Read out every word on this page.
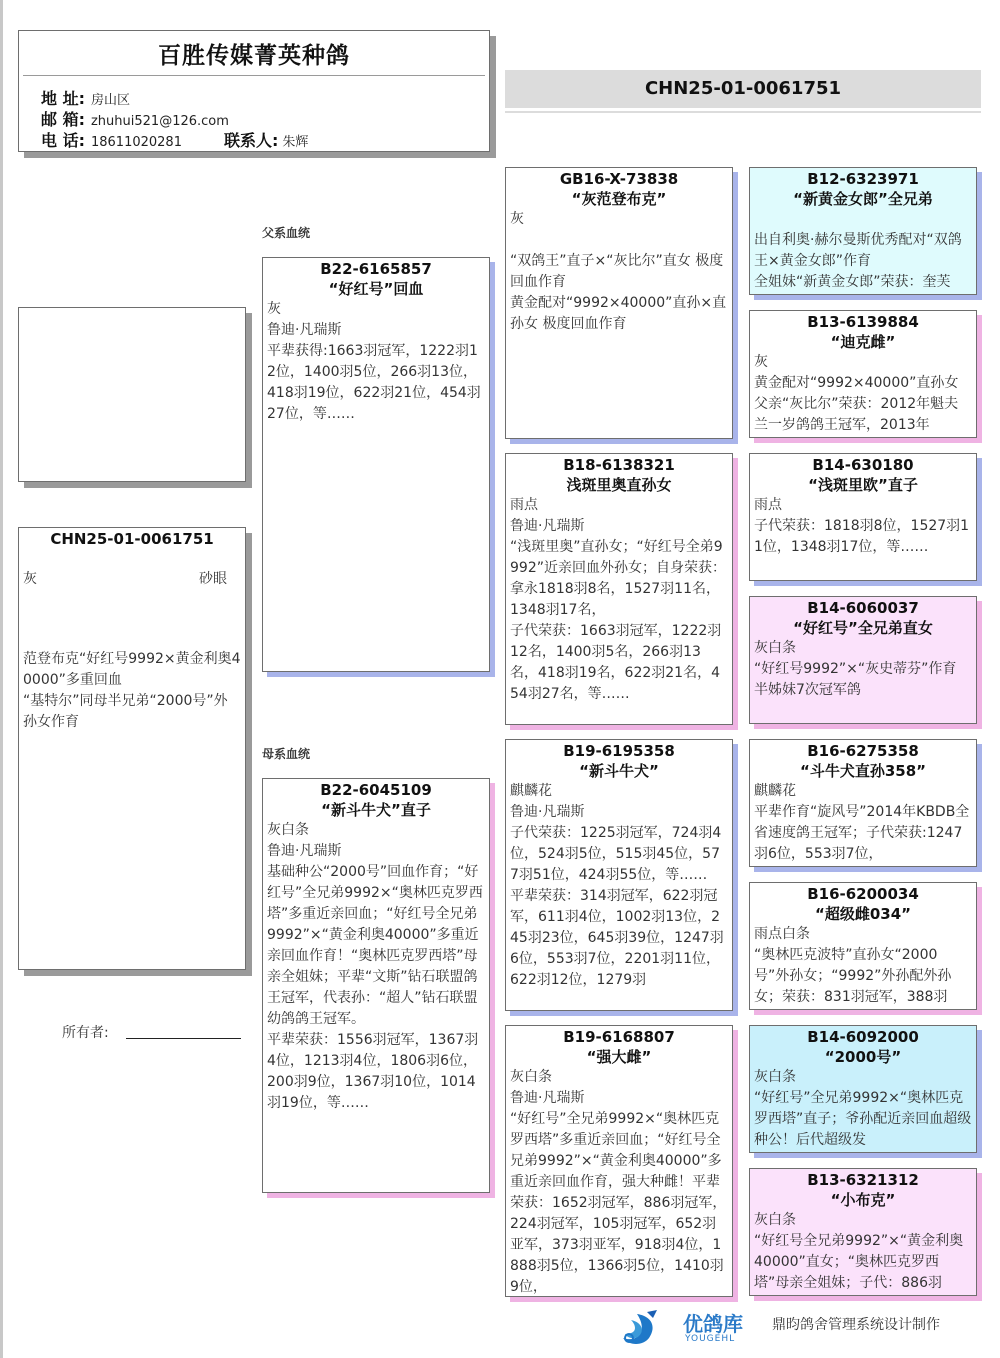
百胜传媒菁英种鸽
地 址: 房山区
邮 箱: zhuhui521@126.com
电 话: 18611020281	联系人: 朱辉
CHN25-01-0061751
CHN25-01-0061751
灰	砂眼
范登布克“好红号9992×黄金利奥40000”多重回血
“基特尔”同母半兄弟“2000号”外孙女作育
所有者:
父系血统
母系血统
B22-6165857
“好红号”回血
灰
鲁迪·凡瑞斯
平辈获得:1663羽冠军，1222羽12位，1400羽5位，266羽13位，418羽19位，622羽21位，454羽27位，等……
B22-6045109
“新斗牛犬”直子
灰白条
鲁迪·凡瑞斯
基础种公“2000号”回血作育；“好红号”全兄弟9992×“奥林匹克罗西塔”多重近亲回血；“好红号全兄弟9992”×“黄金利奥40000”多重近亲回血作育！“奥林匹克罗西塔”母亲全姐妹；平辈“文斯”钻石联盟鸽王冠军，代表孙：“超人”钻石联盟幼鸽鸽王冠军。
平辈荣获：1556羽冠军，1367羽4位，1213羽4位，1806羽6位，200羽9位，1367羽10位，1014羽19位，等……
GB16-X-73838
“灰范登布克”
灰
“双鸽王”直子×“灰比尔”直女 极度回血作育
黄金配对“9992×40000”直孙×直孙女 极度回血作育
B18-6138321
浅斑里奥直孙女
雨点
鲁迪·凡瑞斯
“浅斑里奥”直孙女；“好红号全弟9992”近亲回血外孙女；自身荣获：拿永1818羽8名，1527羽11名，1348羽17名，
子代荣获：1663羽冠军，1222羽12名，1400羽5名，266羽13名，418羽19名，622羽21名，454羽27名，等……
B19-6195358
“新斗牛犬”
麒麟花
鲁迪·凡瑞斯
子代荣获：1225羽冠军，724羽4位，524羽5位，515羽45位，577羽51位，424羽55位，等……
平辈荣获：314羽冠军，622羽冠军，611羽4位，1002羽13位，245羽23位，645羽39位，1247羽6位，553羽7位，2201羽11位，622羽12位，1279羽
B19-6168807
“强大雌”
灰白条
鲁迪·凡瑞斯
“好红号”全兄弟9992×“奥林匹克罗西塔”多重近亲回血；“好红号全兄弟9992”×“黄金利奥40000”多重近亲回血作育，强大种雌！平辈荣获：1652羽冠军，886羽冠军，224羽冠军，105羽冠军，652羽亚军，373羽亚军，918羽4位，1888羽5位，1366羽5位，1410羽9位，
B12-6323971
“新黄金女郎”全兄弟
出自利奥·赫尔曼斯优秀配对“双鸽王×黄金女郎”作育
全姐妹“新黄金女郎”荣获：奎芙
B13-6139884
“迪克雌”
灰
黄金配对“9992×40000”直孙女
父亲“灰比尔”荣获：2012年魁夫兰一岁鸽鸽王冠军，2013年
B14-630180
“浅斑里欧”直子
雨点
子代荣获：1818羽8位，1527羽11位，1348羽17位，等……
B14-6060037
“好红号”全兄弟直女
灰白条
“好红号9992”×“灰史蒂芬”作育
半姊妹7次冠军鸽
B16-6275358
“斗牛犬直孙358”
麒麟花
平辈作育“旋风号”2014年KBDB全省速度鸽王冠军；子代荣获:1247羽6位，553羽7位，
B16-6200034
“超级雌034”
雨点白条
“奥林匹克波特”直孙女“2000号”外孙女；“9992”外孙配外孙女；荣获：831羽冠军，388羽
B14-6092000
“2000号”
灰白条
“好红号”全兄弟9992×“奥林匹克罗西塔”直子；爷孙配近亲回血超级种公！后代超级发
B13-6321312
“小布克”
灰白条
“好红号全兄弟9992”×“黄金利奥40000”直女；“奥林匹克罗西塔”母亲全姐妹；子代：886羽
优鸽库
YOUGEHL
鼎昀鸽舍管理系统设计制作
